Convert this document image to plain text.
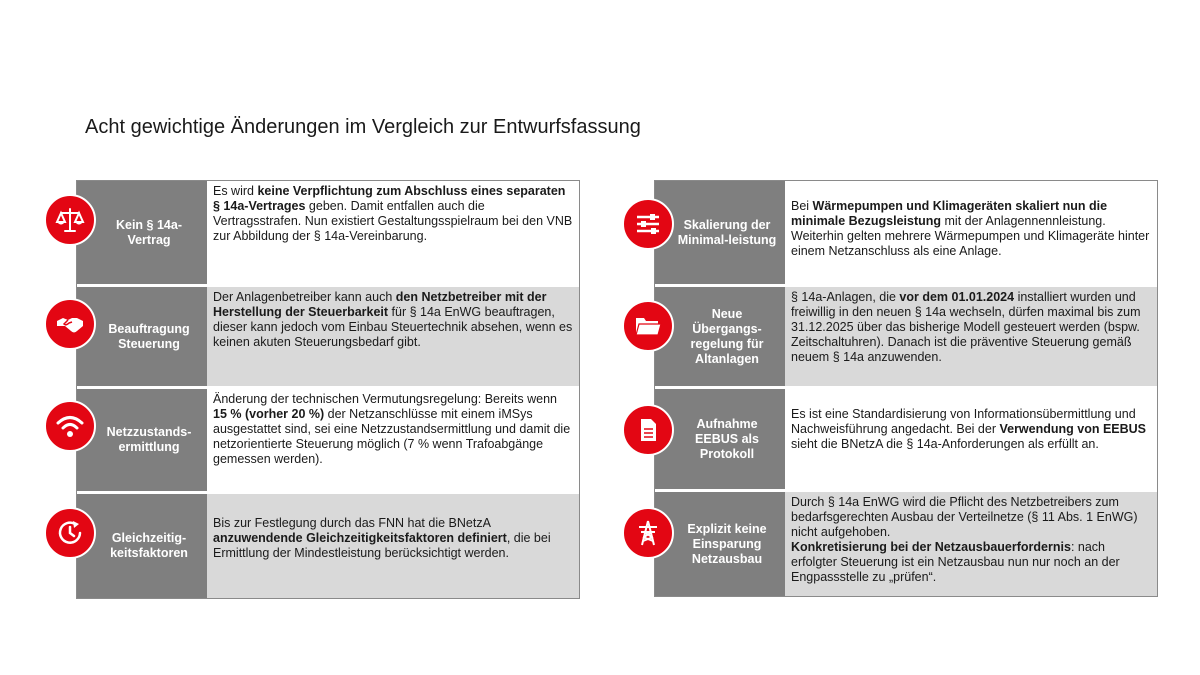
Acht gewichtige Änderungen im Vergleich zur Entwurfsfassung
Kein § 14a-Vertrag
Es wird keine Verpflichtung zum Abschluss eines separaten § 14a-Vertrages geben. Damit entfallen auch die Vertragsstrafen. Nun existiert Gestaltungsspielraum bei den VNB zur Abbildung der § 14a-Vereinbarung.
Beauftragung Steuerung
Der Anlagenbetreiber kann auch den Netzbetreiber mit der Herstellung der Steuerbarkeit für § 14a EnWG beauftragen, dieser kann jedoch vom Einbau Steuertechnik absehen, wenn es keinen akuten Steuerungsbedarf gibt.
Netzzustands-ermittlung
Änderung der technischen Vermutungsregelung: Bereits wenn 15 % (vorher 20 %) der Netzanschlüsse mit einem iMSys ausgestattet sind, sei eine Netzzustandsermittlung und damit die netzorientierte Steuerung möglich (7 % wenn Trafoabgänge gemessen werden).
Gleichzeitig-keitsfaktoren
Bis zur Festlegung durch das FNN hat die BNetzA anzuwendende Gleichzeitigkeitsfaktoren definiert, die bei Ermittlung der Mindestleistung berücksichtigt werden.
Skalierung der Minimal-leistung
Bei Wärmepumpen und Klimageräten skaliert nun die minimale Bezugsleistung mit der Anlagennennleistung. Weiterhin gelten mehrere Wärmepumpen und Klimageräte hinter einem Netzanschluss als eine Anlage.
Neue Übergangs-regelung für Altanlagen
§ 14a-Anlagen, die vor dem 01.01.2024 installiert wurden und freiwillig in den neuen § 14a wechseln, dürfen maximal bis zum 31.12.2025 über das bisherige Modell gesteuert werden (bspw. Zeitschaltuhren). Danach ist die präventive Steuerung gemäß neuem § 14a anzuwenden.
Aufnahme EEBUS als Protokoll
Es ist eine Standardisierung von Informationsübermittlung und Nachweisführung angedacht. Bei der Verwendung von EEBUS sieht die BNetzA die § 14a-Anforderungen als erfüllt an.
Explizit keine Einsparung Netzausbau
Durch § 14a EnWG wird die Pflicht des Netzbetreibers zum bedarfsgerechten Ausbau der Verteilnetze (§ 11 Abs. 1 EnWG) nicht aufgehoben.
Konkretisierung bei der Netzausbauerfordernis: nach erfolgter Steuerung ist ein Netzausbau nun nur noch an der Engpassstelle zu „prüfen“.
